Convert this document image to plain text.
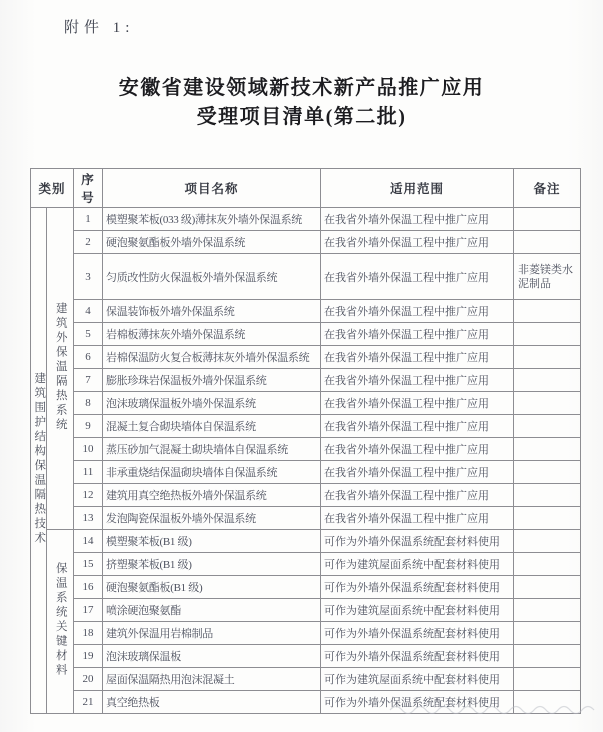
附件 1:
安徽省建设领域新技术新产品推广应用
受理项目清单(第二批)
类别		序号	项目名称	适用范围	备注
建筑围护结构保温隔热技术	建筑外保温隔热系统	1	模塑聚苯板(033 级)薄抹灰外墙外保温系统	在我省外墙外保温工程中推广应用	
		2	硬泡聚氨酯板外墙外保温系统	在我省外墙外保温工程中推广应用	
		3	匀质改性防火保温板外墙外保温系统	在我省外墙外保温工程中推广应用	非菱镁类水泥制品
		4	保温装饰板外墙外保温系统	在我省外墙外保温工程中推广应用	
		5	岩棉板薄抹灰外墙外保温系统	在我省外墙外保温工程中推广应用	
		6	岩棉保温防火复合板薄抹灰外墙外保温系统	在我省外墙外保温工程中推广应用	
		7	膨胀珍珠岩保温板外墙外保温系统	在我省外墙外保温工程中推广应用	
		8	泡沫玻璃保温板外墙外保温系统	在我省外墙外保温工程中推广应用	
		9	混凝土复合砌块墙体自保温系统	在我省外墙外保温工程中推广应用	
		10	蒸压砂加气混凝土砌块墙体自保温系统	在我省外墙外保温工程中推广应用	
		11	非承重烧结保温砌块墙体自保温系统	在我省外墙外保温工程中推广应用	
		12	建筑用真空绝热板外墙外保温系统	在我省外墙外保温工程中推广应用	
		13	发泡陶瓷保温板外墙外保温系统	在我省外墙外保温工程中推广应用	
	保温系统关键材料	14	模塑聚苯板(B1 级)	可作为外墙外保温系统配套材料使用	
		15	挤塑聚苯板(B1 级)	可作为建筑屋面系统中配套材料使用	
		16	硬泡聚氨酯板(B1 级)	可作为外墙外保温系统配套材料使用	
		17	喷涂硬泡聚氨酯	可作为建筑屋面系统中配套材料使用	
		18	建筑外保温用岩棉制品	可作为外墙外保温系统配套材料使用	
		19	泡沫玻璃保温板	可作为外墙外保温系统配套材料使用	
		20	屋面保温隔热用泡沫混凝土	可作为建筑屋面系统中配套材料使用	
		21	真空绝热板	可作为外墙外保温系统配套材料使用	
